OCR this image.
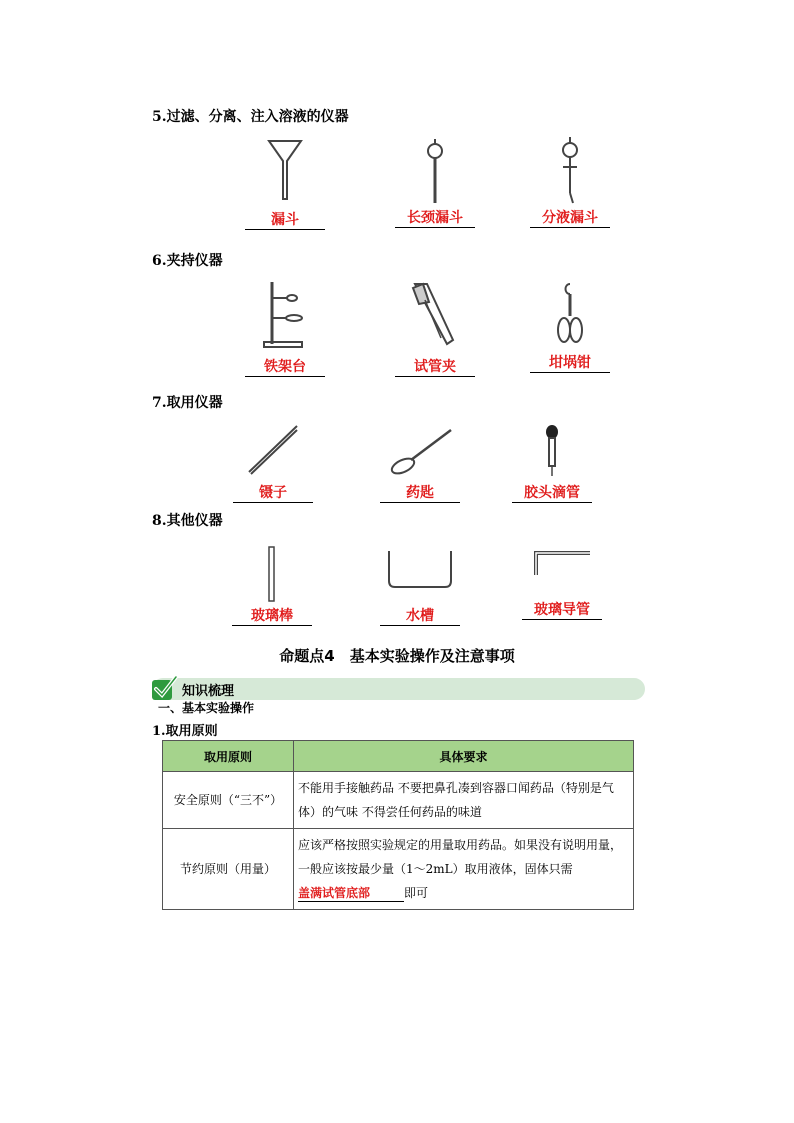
5.过滤、分离、注入溶液的仪器
漏斗	长颈漏斗	分液漏斗
6.夹持仪器
铁架台	试管夹	坩埚钳
7.取用仪器
镊子	药匙	胶头滴管
8.其他仪器
玻璃棒	水槽	玻璃导管
命题点4　基本实验操作及注意事项
知识梳理
一、基本实验操作
1.取用原则
取用原则	具体要求
安全原则（“三不”）	不能用手接触药品 不要把鼻孔凑到容器口闻药品（特别是气体）的气味 不得尝任何药品的味道
节约原则（用量）	应该严格按照实验规定的用量取用药品。如果没有说明用量，一般应该按最少量（1～2mL）取用液体，固体只需盖满试管底部 即可
